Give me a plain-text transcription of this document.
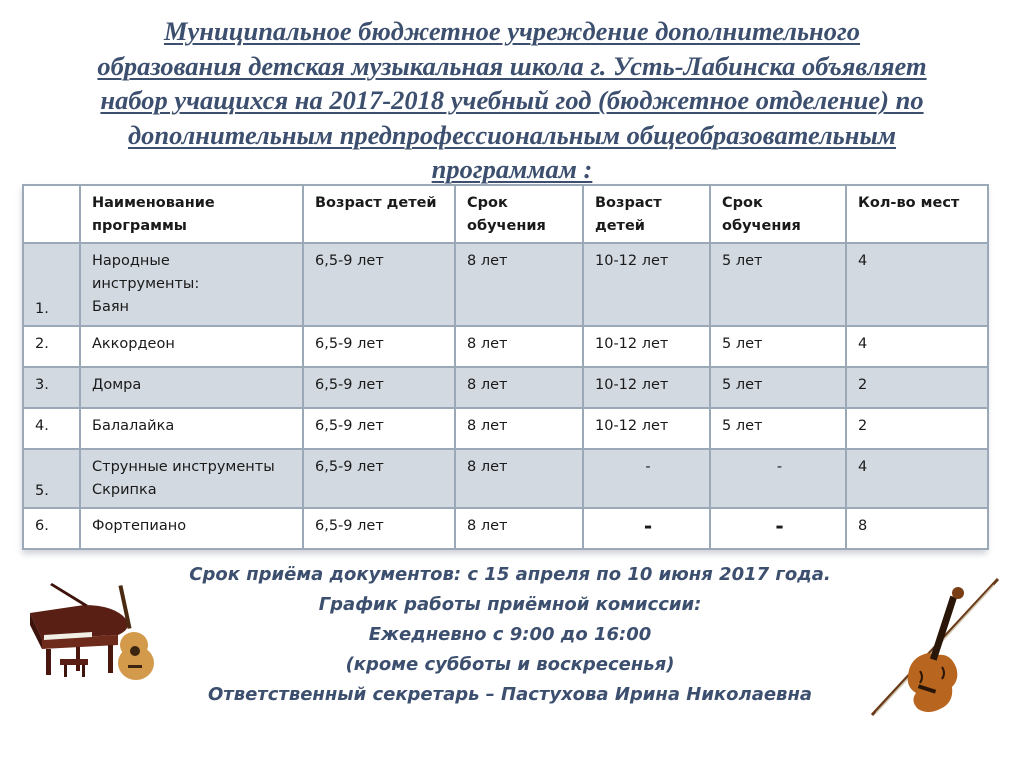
Муниципальное бюджетное учреждение дополнительного
образования детская музыкальная школа г. Усть-Лабинска объявляет
набор учащихся на 2017-2018 учебный год (бюджетное отделение) по
дополнительным предпрофессиональным общеобразовательным
программам :
	Наименование программы	Возраст детей	Срок обучения	Возраст детей	Срок обучения	Кол-во мест
1.	Народные
инструменты:
Баян	6,5-9 лет	8 лет	10-12 лет	5 лет	4
2.	Аккордеон	6,5-9 лет	8 лет	10-12 лет	5 лет	4
3.	Домра	6,5-9 лет	8 лет	10-12 лет	5 лет	2
4.	Балалайка	6,5-9 лет	8 лет	10-12 лет	5 лет	2
5.	Струнные инструменты
Скрипка	6,5-9 лет	8 лет	-	-	4
6.	Фортепиано	6,5-9 лет	8 лет	-	-	8
Срок приёма документов: с 15 апреля по 10 июня 2017 года.
График работы приёмной комиссии:
Ежедневно с 9:00 до 16:00
(кроме субботы и воскресенья)
Ответственный секретарь – Пастухова Ирина Николаевна
